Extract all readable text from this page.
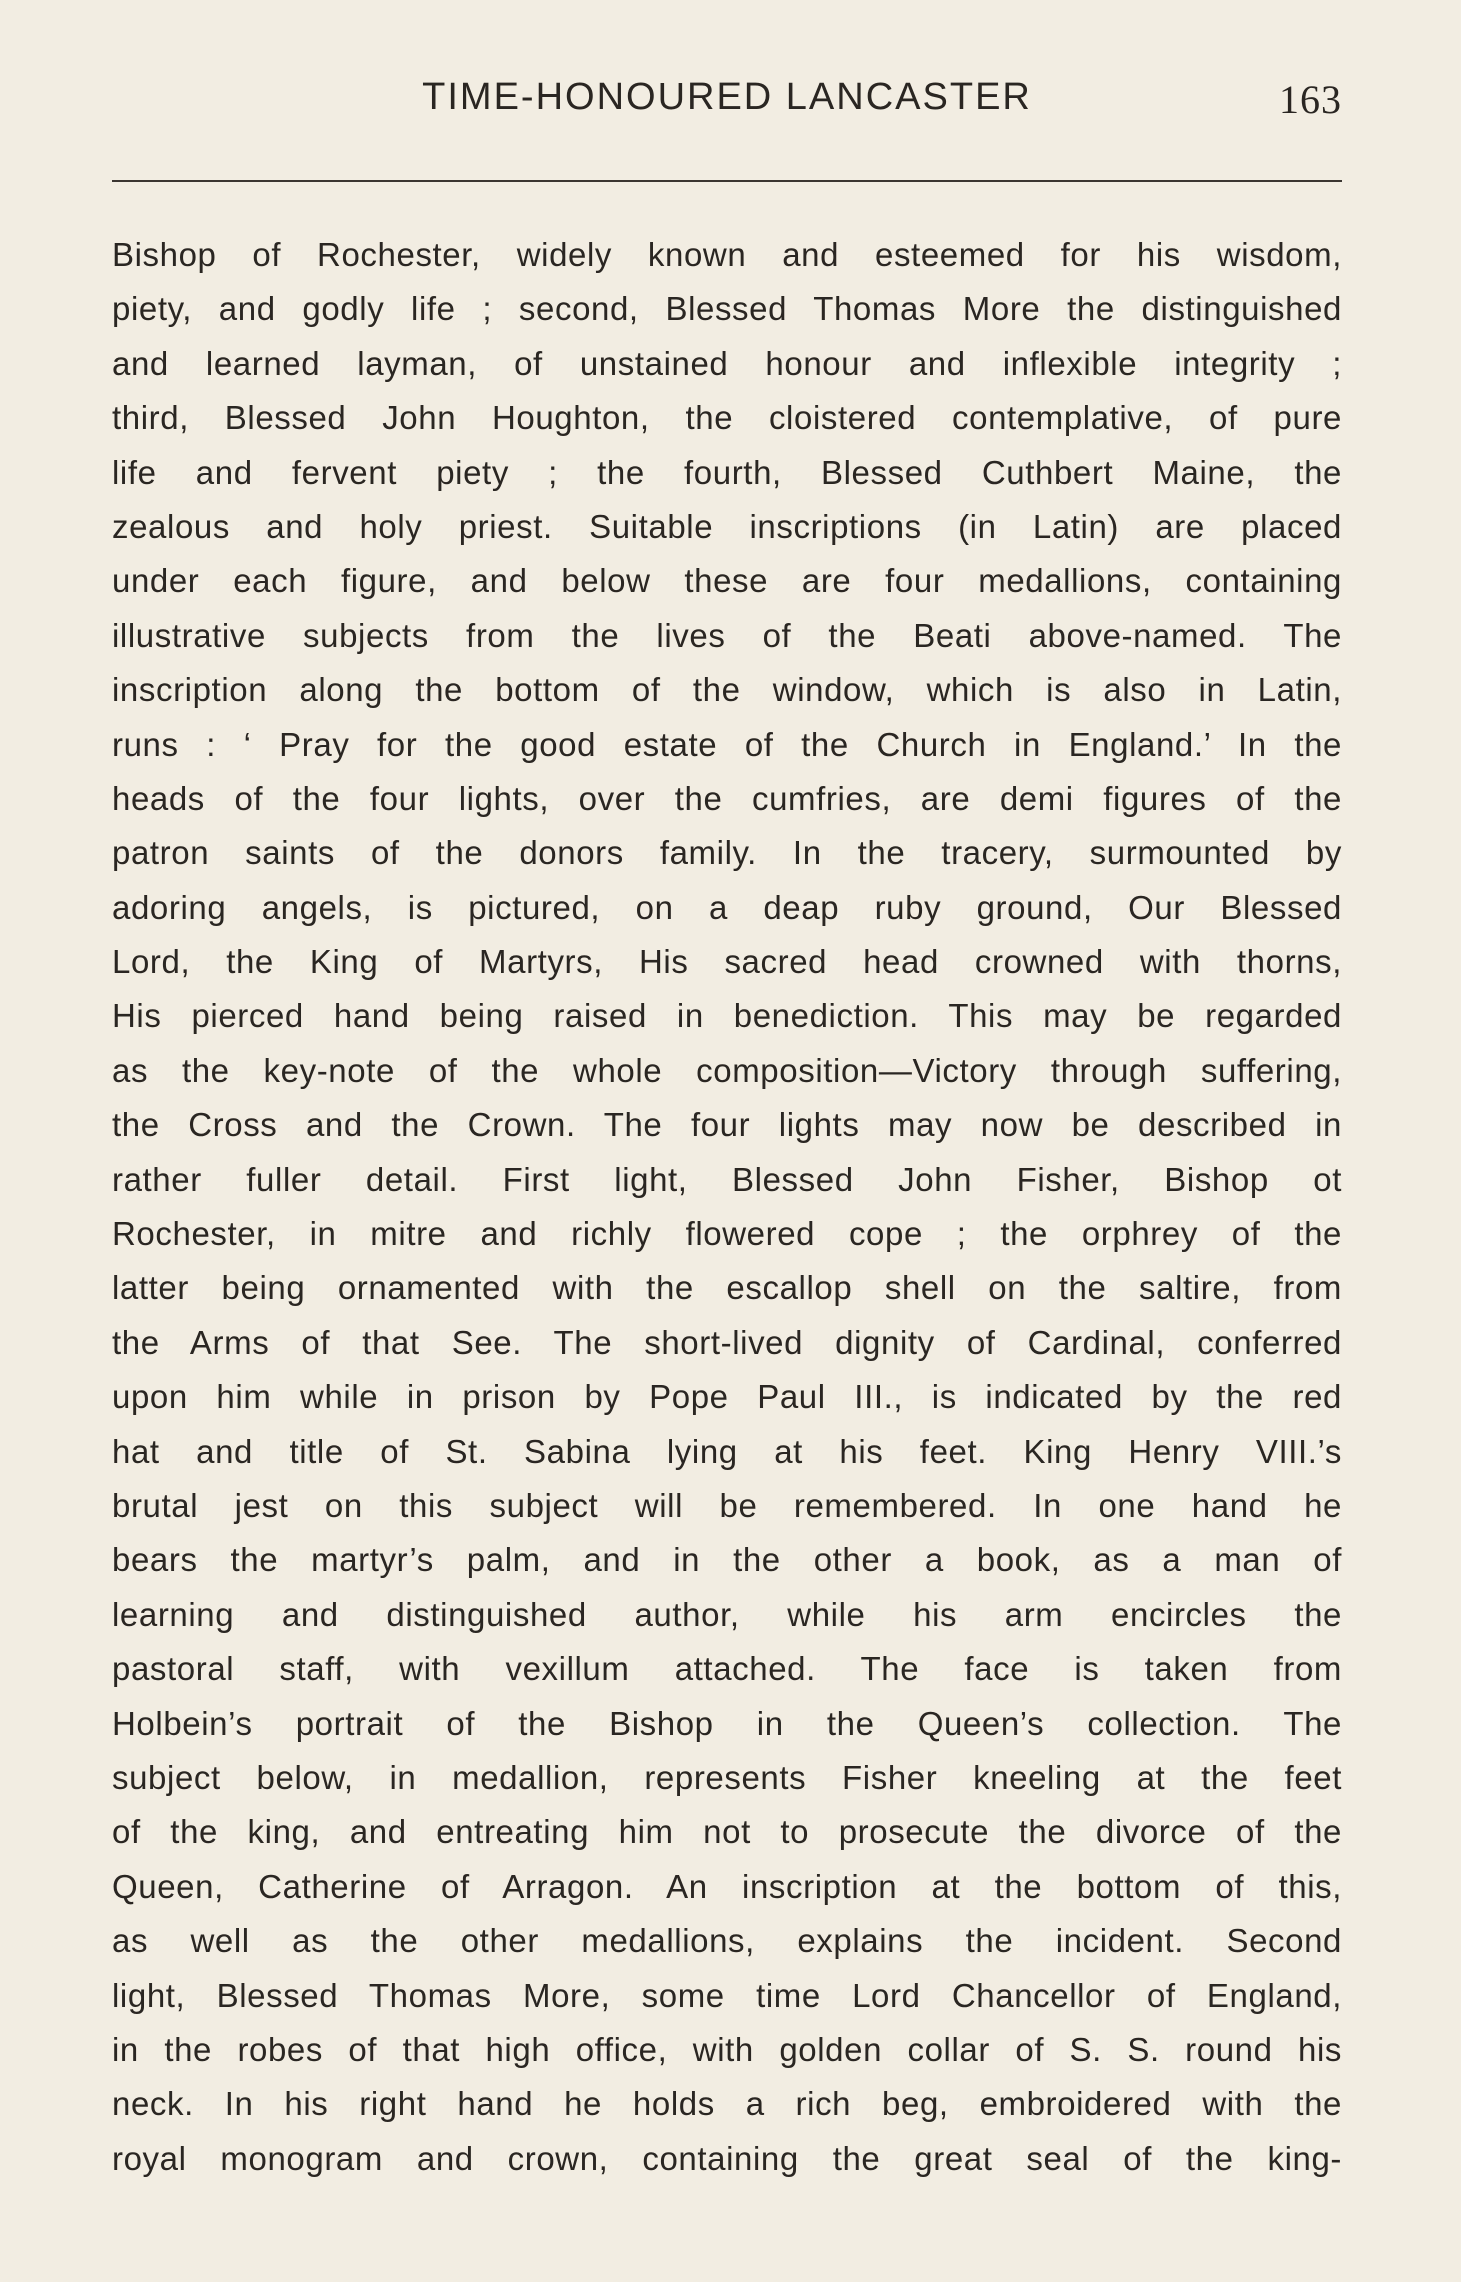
TIME-HONOURED LANCASTER	163
Bishop of Rochester, widely known and esteemed for his wisdom,
piety, and godly life ; second, Blessed Thomas More the distinguished
and learned layman, of unstained honour and inflexible integrity ;
third, Blessed John Houghton, the cloistered contemplative, of pure
life and fervent piety ; the fourth, Blessed Cuthbert Maine, the
zealous and holy priest. Suitable inscriptions (in Latin) are placed
under each figure, and below these are four medallions, containing
illustrative subjects from the lives of the Beati above-named. The
inscription along the bottom of the window, which is also in Latin,
runs : ‘ Pray for the good estate of the Church in England.’ In the
heads of the four lights, over the cumfries, are demi figures of the
patron saints of the donors family. In the tracery, surmounted by
adoring angels, is pictured, on a deap ruby ground, Our Blessed
Lord, the King of Martyrs, His sacred head crowned with thorns,
His pierced hand being raised in benediction. This may be regarded
as the key-note of the whole composition—Victory through suffering,
the Cross and the Crown. The four lights may now be described in
rather fuller detail. First light, Blessed John Fisher, Bishop ot
Rochester, in mitre and richly flowered cope ; the orphrey of the
latter being ornamented with the escallop shell on the saltire, from
the Arms of that See. The short-lived dignity of Cardinal, conferred
upon him while in prison by Pope Paul III., is indicated by the red
hat and title of St. Sabina lying at his feet. King Henry VIII.’s
brutal jest on this subject will be remembered. In one hand he
bears the martyr’s palm, and in the other a book, as a man of
learning and distinguished author, while his arm encircles the
pastoral staff, with vexillum attached. The face is taken from
Holbein’s portrait of the Bishop in the Queen’s collection. The
subject below, in medallion, represents Fisher kneeling at the feet
of the king, and entreating him not to prosecute the divorce of the
Queen, Catherine of Arragon. An inscription at the bottom of this,
as well as the other medallions, explains the incident. Second
light, Blessed Thomas More, some time Lord Chancellor of England,
in the robes of that high office, with golden collar of S. S. round his
neck. In his right hand he holds a rich beg, embroidered with the
royal monogram and crown, containing the great seal of the king-
